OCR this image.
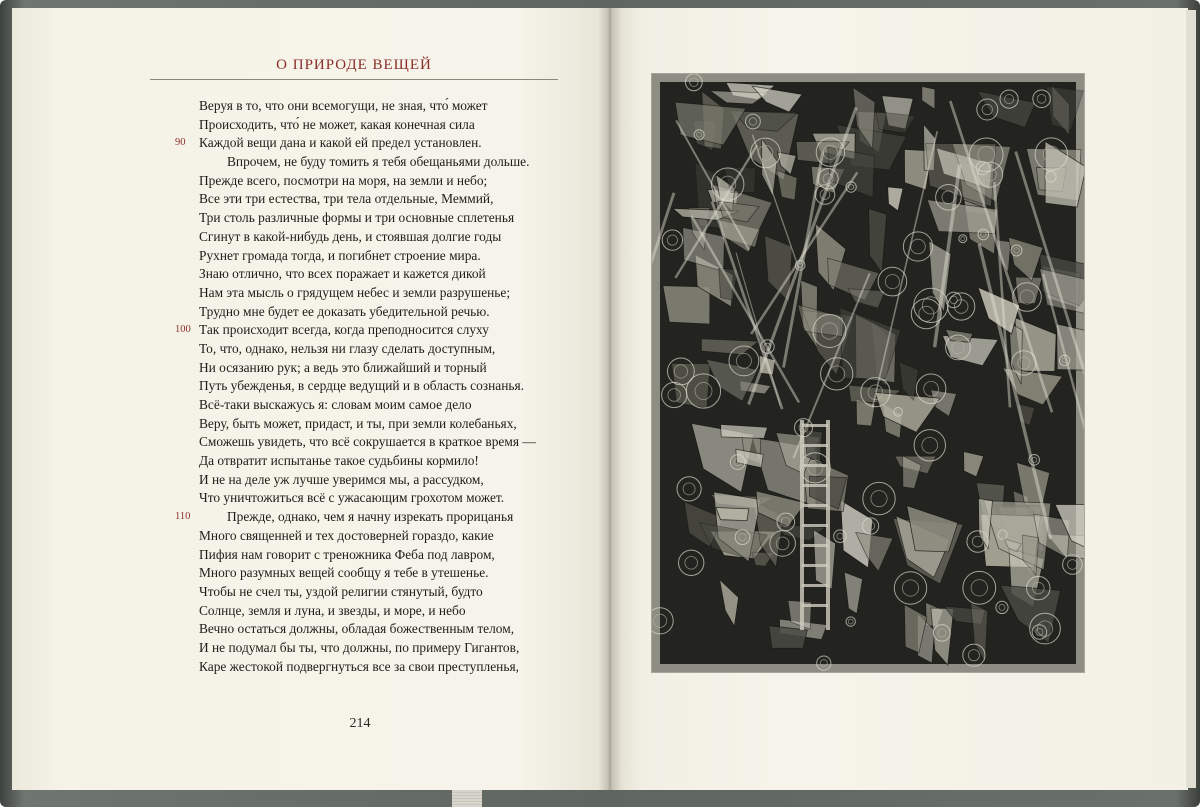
О ПРИРОДЕ ВЕЩЕЙ
Веруя в то, что они всемогущи, не зная, что́ может
Происходить, что́ не может, какая конечная сила
90 Каждой вещи дана и какой ей предел установлен.
Впрочем, не буду томить я тебя обещаньями дольше.
Прежде всего, посмотри на моря, на земли и небо;
Все эти три естества, три тела отдельные, Меммий,
Три столь различные формы и три основные сплетенья
Сгинут в какой-нибудь день, и стоявшая долгие годы
Рухнет громада тогда, и погибнет строение мира.
Знаю отлично, что всех поражает и кажется дикой
Нам эта мысль о грядущем небес и земли разрушенье;
Трудно мне будет ее доказать убедительной речью.
100 Так происходит всегда, когда преподносится слуху
То, что, однако, нельзя ни глазу сделать доступным,
Ни осязанию рук; а ведь это ближайший и торный
Путь убежденья, в сердце ведущий и в область сознанья.
Всё-таки выскажусь я: словам моим самое дело
Веру, быть может, придаст, и ты, при земли колебаньях,
Сможешь увидеть, что всё сокрушается в краткое время —
Да отвратит испытанье такое судьбины кормило!
И не на деле уж лучше уверимся мы, а рассудком,
Что уничтожиться всё с ужасающим грохотом может.
110	Прежде, однако, чем я начну изрекать прорицанья
Много священней и тех достоверней гораздо, какие
Пифия нам говорит с треножника Феба под лавром,
Много разумных вещей сообщу я тебе в утешенье.
Чтобы не счел ты, уздой религии стянутый, будто
Солнце, земля и луна, и звезды, и море, и небо
Вечно остаться должны, обладая божественным телом,
И не подумал бы ты, что должны, по примеру Гигантов,
Каре жестокой подвергнуться все за свои преступленья,
214
